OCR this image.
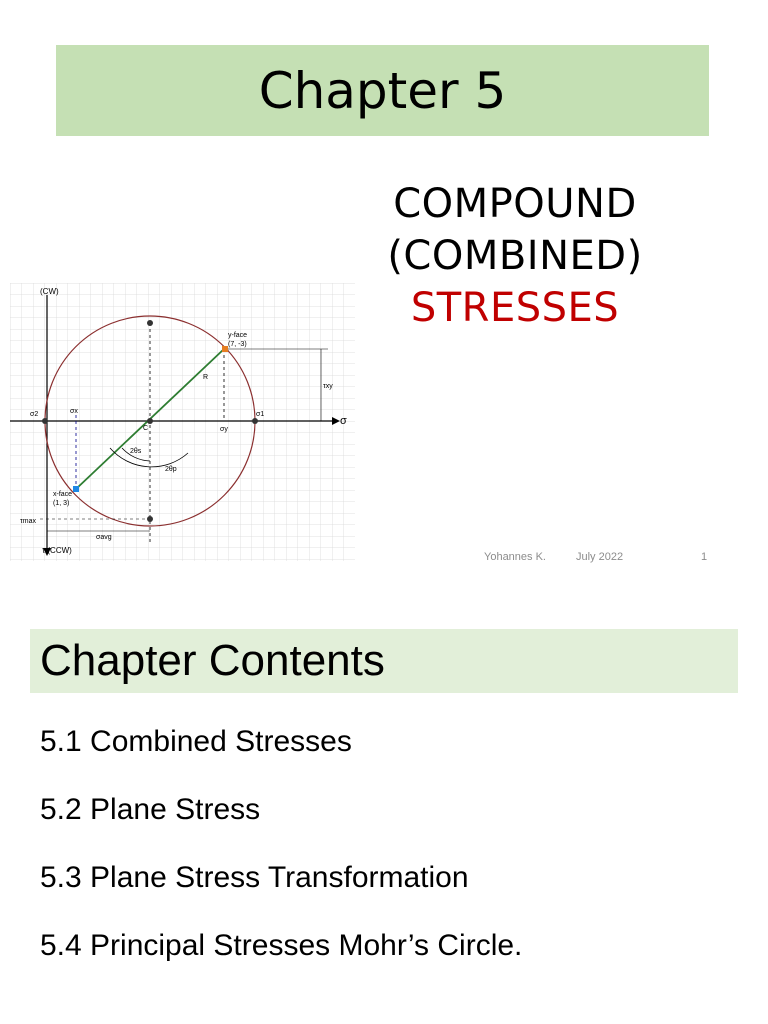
Chapter 5
COMPOUND
(COMBINED)
STRESSES
(CW)
τ (CCW)
σ
y-face
(7, -3)
x-face
(1, 3)
R
σ1
σ2	σx
σy
τxy
τmax
σavg
C
2θs
2θp
Yohannes K.	July 2022	1
Chapter Contents
5.1 Combined Stresses
5.2 Plane Stress
5.3 Plane Stress Transformation
5.4 Principal Stresses Mohr’s Circle.
